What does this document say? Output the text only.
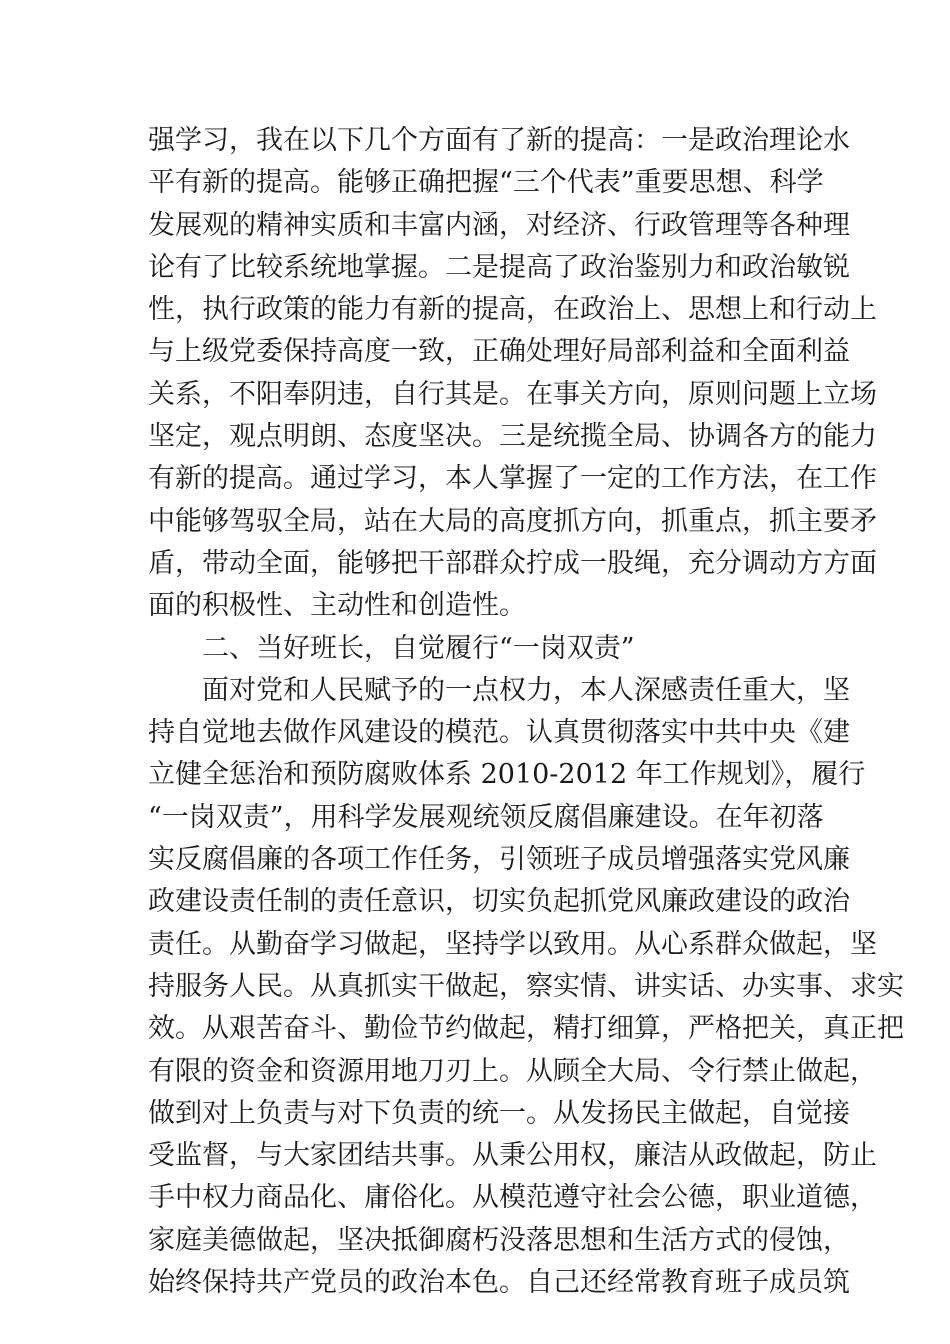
强学习，我在以下几个方面有了新的提高：一是政治理论水
平有新的提高。能够正确把握“三个代表”重要思想、科学
发展观的精神实质和丰富内涵，对经济、行政管理等各种理
论有了比较系统地掌握。二是提高了政治鉴别力和政治敏锐
性，执行政策的能力有新的提高，在政治上、思想上和行动上
与上级党委保持高度一致，正确处理好局部利益和全面利益
关系，不阳奉阴违，自行其是。在事关方向，原则问题上立场
坚定，观点明朗、态度坚决。三是统揽全局、协调各方的能力
有新的提高。通过学习，本人掌握了一定的工作方法，在工作
中能够驾驭全局，站在大局的高度抓方向，抓重点，抓主要矛
盾，带动全面，能够把干部群众拧成一股绳，充分调动方方面
面的积极性、主动性和创造性。
二、当好班长，自觉履行“一岗双责”
面对党和人民赋予的一点权力，本人深感责任重大，坚
持自觉地去做作风建设的模范。认真贯彻落实中共中央《建
立健全惩治和预防腐败体系 2010-2012 年工作规划》，履行
“一岗双责”，用科学发展观统领反腐倡廉建设。在年初落
实反腐倡廉的各项工作任务，引领班子成员增强落实党风廉
政建设责任制的责任意识，切实负起抓党风廉政建设的政治
责任。从勤奋学习做起，坚持学以致用。从心系群众做起，坚
持服务人民。从真抓实干做起，察实情、讲实话、办实事、求实
效。从艰苦奋斗、勤俭节约做起，精打细算，严格把关，真正把
有限的资金和资源用地刀刃上。从顾全大局、令行禁止做起，
做到对上负责与对下负责的统一。从发扬民主做起，自觉接
受监督，与大家团结共事。从秉公用权，廉洁从政做起，防止
手中权力商品化、庸俗化。从模范遵守社会公德，职业道德，
家庭美德做起，坚决抵御腐朽没落思想和生活方式的侵蚀，
始终保持共产党员的政治本色。自己还经常教育班子成员筑
